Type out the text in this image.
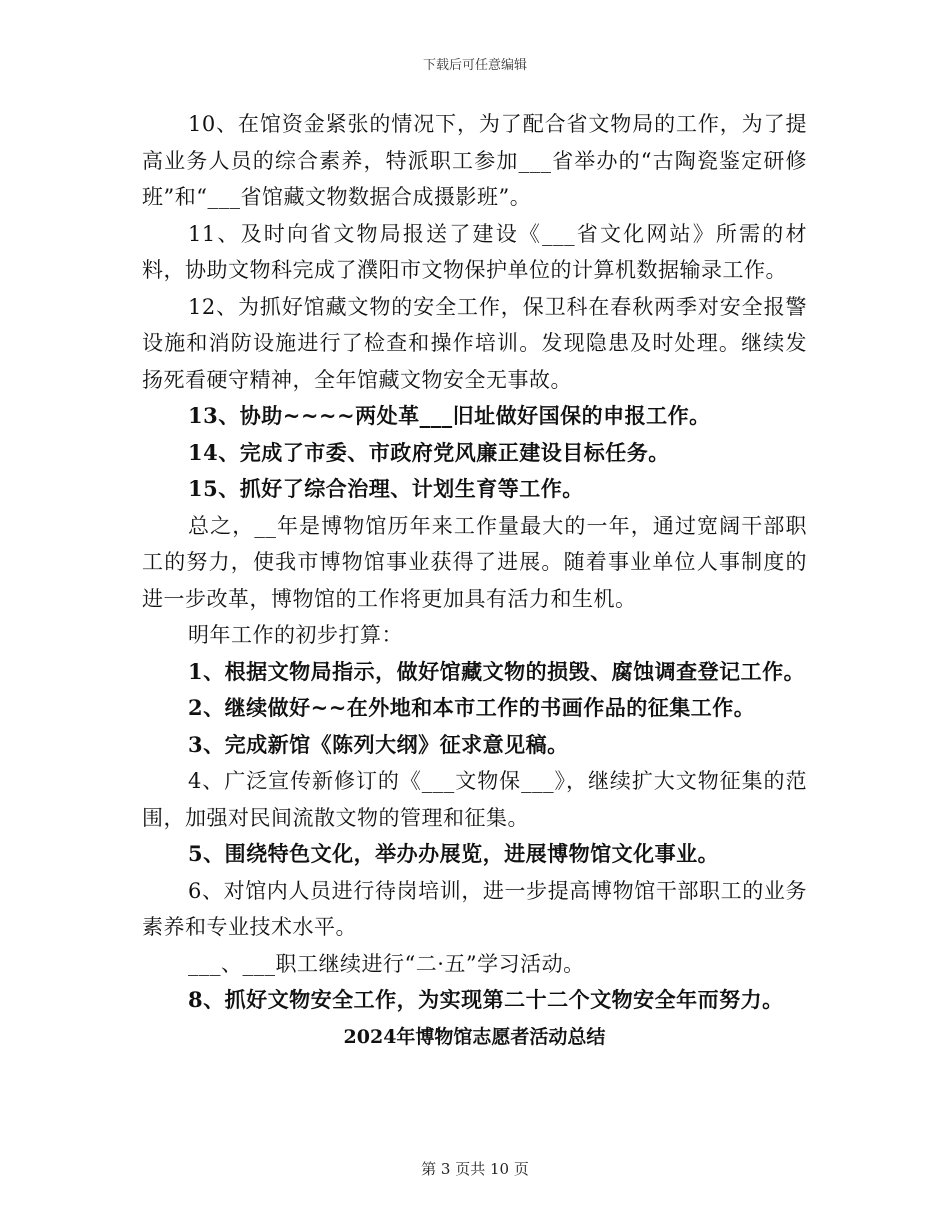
下载后可任意编辑

10、在馆资金紧张的情况下，为了配合省文物局的工作，为了提高业务人员的综合素养，特派职工参加___省举办的“古陶瓷鉴定研修班”和“___省馆藏文物数据合成摄影班”。

11、及时向省文物局报送了建设《___省文化网站》所需的材料，协助文物科完成了濮阳市文物保护单位的计算机数据输录工作。

12、为抓好馆藏文物的安全工作，保卫科在春秋两季对安全报警设施和消防设施进行了检查和操作培训。发现隐患及时处理。继续发扬死看硬守精神，全年馆藏文物安全无事故。

13、协助~~~~两处革___旧址做好国保的申报工作。

14、完成了市委、市政府党风廉正建设目标任务。

15、抓好了综合治理、计划生育等工作。

总之，__年是博物馆历年来工作量最大的一年，通过宽阔干部职工的努力，使我市博物馆事业获得了进展。随着事业单位人事制度的进一步改革，博物馆的工作将更加具有活力和生机。

明年工作的初步打算：

1、根据文物局指示，做好馆藏文物的损毁、腐蚀调查登记工作。

2、继续做好~~在外地和本市工作的书画作品的征集工作。

3、完成新馆《陈列大纲》征求意见稿。

4、广泛宣传新修订的《___文物保___》，继续扩大文物征集的范围，加强对民间流散文物的管理和征集。

5、围绕特色文化，举办办展览，进展博物馆文化事业。

6、对馆内人员进行待岗培训，进一步提高博物馆干部职工的业务素养和专业技术水平。

___、___职工继续进行“二·五”学习活动。

8、抓好文物安全工作，为实现第二十二个文物安全年而努力。

2024年博物馆志愿者活动总结

第 3 页共 10 页
